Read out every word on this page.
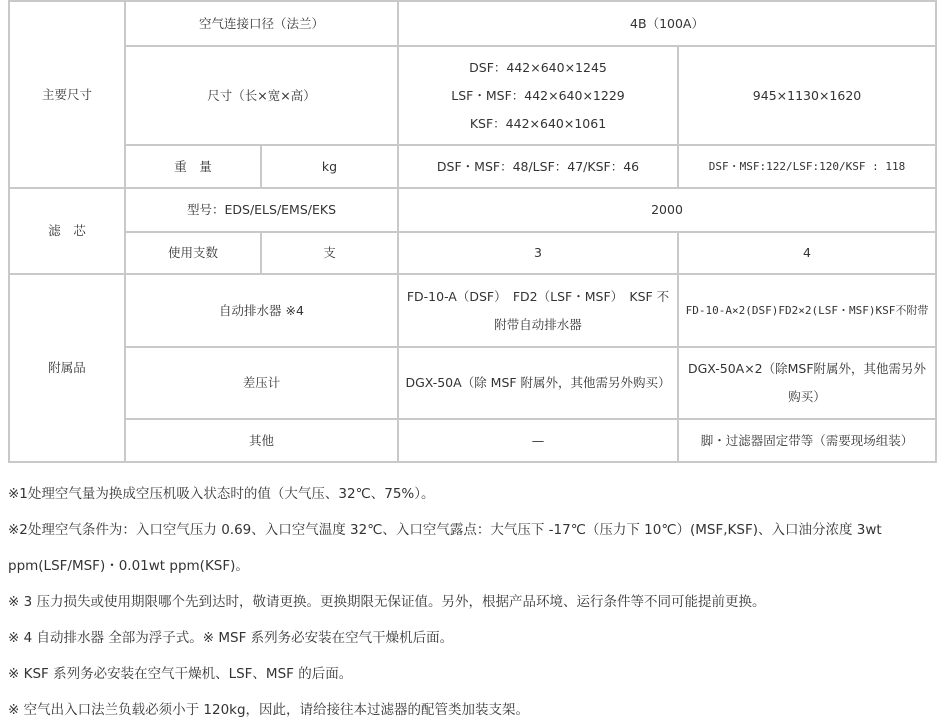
主要尺寸	空气连接口径（法兰）		4B（100A）	
	尺寸（长×宽×高）		DSF：442×640×1245
LSF・MSF：442×640×1229
KSF：442×640×1061	945×1130×1620
	重　量	kg	DSF・MSF：48/LSF：47/KSF：46	DSF・MSF:122/LSF:120/KSF : 118
滤　芯	型号：EDS/ELS/EMS/EKS		2000	
	使用支数	支	3	4
附属品	自动排水器 ※4		FD-10-A（DSF）　FD2（LSF・MSF）　KSF 不附带自动排水器	FD-10-A×2(DSF)FD2×2(LSF・MSF)KSF不附带
	差压计		DGX-50A（除 MSF 附属外，其他需另外购买）	DGX-50A×2（除MSF附属外，其他需另外购买）
	其他		—	脚・过滤器固定带等（需要现场组装）

※1处理空气量为换成空压机吸入状态时的值（大气压、32℃、75%）。

※2处理空气条件为：入口空气压力 0.69、入口空气温度 32℃、入口空气露点：大气压下 -17℃（压力下 10℃）(MSF,KSF)、入口油分浓度 3wt ppm(LSF/MSF)・0.01wt ppm(KSF)。

※ 3 压力损失或使用期限哪个先到达时，敬请更换。更换期限无保证值。另外，根据产品环境、运行条件等不同可能提前更换。

※ 4 自动排水器 全部为浮子式。※ MSF 系列务必安装在空气干燥机后面。

※ KSF 系列务必安装在空气干燥机、LSF、MSF 的后面。

※ 空气出入口法兰负载必须小于 120kg，因此，请给接往本过滤器的配管类加装支架。
